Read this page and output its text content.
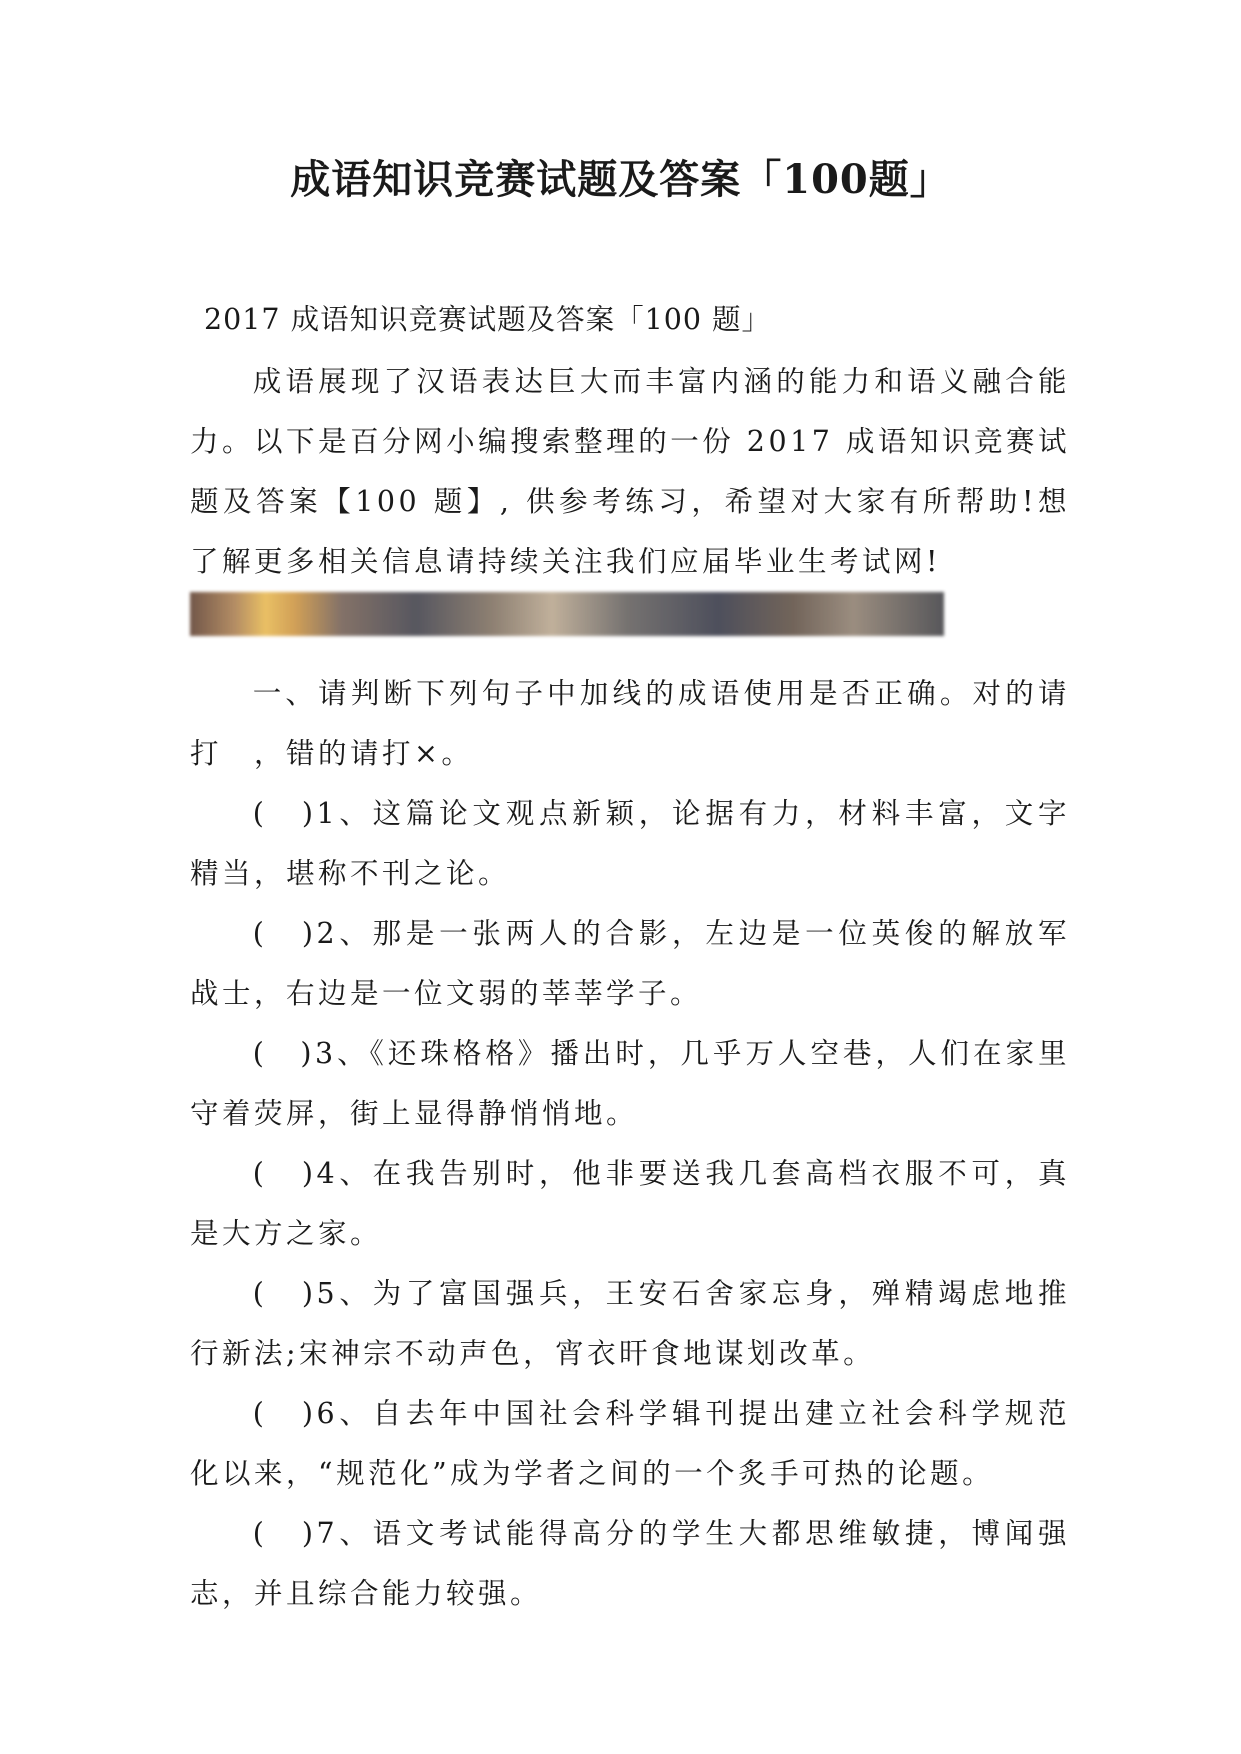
成语知识竞赛试题及答案「100题」

2017 成语知识竞赛试题及答案「100 题」

成语展现了汉语表达巨大而丰富内涵的能力和语义融合能力。以下是百分网小编搜索整理的一份 2017 成语知识竞赛试题及答案【100 题】, 供参考练习，希望对大家有所帮助!想了解更多相关信息请持续关注我们应届毕业生考试网!

一、请判断下列句子中加线的成语使用是否正确。对的请打　，错的请打×。

(　)1、这篇论文观点新颖，论据有力，材料丰富，文字精当，堪称不刊之论。

(　)2、那是一张两人的合影，左边是一位英俊的解放军战士，右边是一位文弱的莘莘学子。

(　)3、《还珠格格》播出时，几乎万人空巷，人们在家里守着荧屏，街上显得静悄悄地。

(　)4、在我告别时，他非要送我几套高档衣服不可，真是大方之家。

(　)5、为了富国强兵，王安石舍家忘身，殚精竭虑地推行新法;宋神宗不动声色，宵衣旰食地谋划改革。

(　)6、自去年中国社会科学辑刊提出建立社会科学规范化以来，“规范化”成为学者之间的一个炙手可热的论题。

(　)7、语文考试能得高分的学生大都思维敏捷，博闻强志，并且综合能力较强。
